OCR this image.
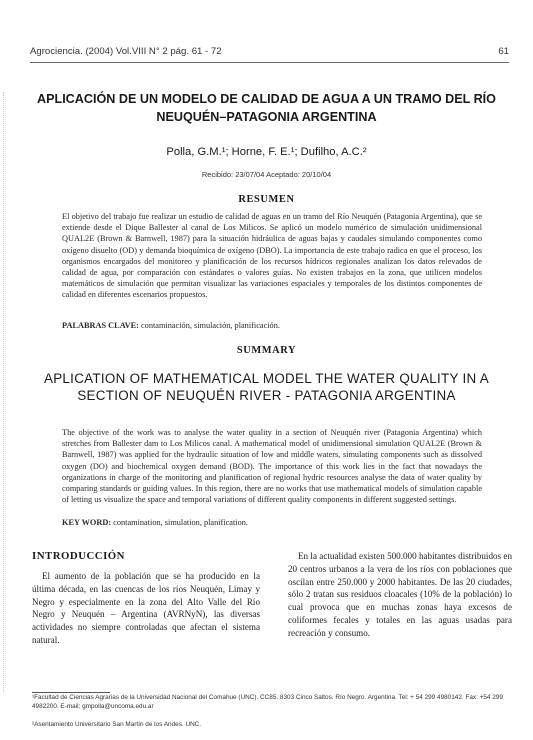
Agrociencia. (2004) Vol.VIII N° 2 pág. 61 - 72	61
APLICACIÓN DE UN MODELO DE CALIDAD DE AGUA A UN TRAMO DEL RÍO NEUQUÉN–PATAGONIA ARGENTINA
Polla, G.M.¹; Horne, F. E.¹; Dufilho, A.C.²
Recibido: 23/07/04 Aceptado: 20/10/04
RESUMEN
El objetivo del trabajo fue realizar un estudio de calidad de aguas en un tramo del Río Neuquén (Patagonia Argentina), que se extiende desde el Dique Ballester al canal de Los Milicos. Se aplicó un modelo numérico de simulación unidimensional QUAL2E (Brown & Barnwell, 1987) para la situación hidráulica de aguas bajas y caudales simulando componentes como oxígeno disuelto (OD) y demanda bioquímica de oxígeno (DBO). La importancia de este trabajo radica en que el proceso, los organismos encargados del monitoreo y planificación de los recursos hídricos regionales analizan los datos relevados de calidad de agua, por comparación con estándares o valores guías. No existen trabajos en la zona, que utilicen modelos matemáticos de simulación que permitan visualizar las variaciones espaciales y temporales de los distintos componentes de calidad en diferentes escenarios propuestos.
PALABRAS CLAVE: contaminación, simulación, planificación.
SUMMARY
APLICATION OF MATHEMATICAL MODEL THE WATER QUALITY IN A SECTION OF NEUQUÉN RIVER - PATAGONIA ARGENTINA
The objective of the work was to analyse the water quality in a section of Neuquén river (Patagonia Argentina) which stretches from Ballester dam to Los Milicos canal. A mathematical model of unidimensional simulation QUAL2E (Brown & Barnwell, 1987) was applied for the hydraulic situation of low and middle waters, simulating components such as dissolved oxygen (DO) and biochemical oxygen demand (BOD). The importance of this work lies in the fact that nowadays the organizations in charge of the monitoring and planification of regional hydric resources analyse the data of water quality by comparing standards or guiding values. In this region, there are no works that use mathematical models of simulation capable of letting us visualize the space and temporal variations of different quality components in different suggested settings.
KEY WORD: contamination, simulation, planification.
INTRODUCCIÓN
El aumento de la población que se ha producido en la última década, en las cuencas de los ríos Neuquén, Limay y Negro y especialmente en la zona del Alto Valle del Río Negro y Neuquén – Argentina (AVRNyN), las diversas actividades no siempre controladas que afectan el sistema natural.
En la actualidad existen 500.000 habitantes distribuidos en 20 centros urbanos a la vera de los ríos con poblaciones que oscilan entre 250.000 y 2000 habitantes. De las 20 ciudades, sólo 2 tratan sus residuos cloacales (10% de la población) lo cual provoca que en muchas zonas haya excesos de coliformes fecales y totales en las aguas usadas para recreación y consumo.
¹Facultad de Ciencias Agrarias de la Universidad Nacional del Comahue (UNC). CC85. 8303 Cinco Saltos. Río Negro. Argentina. Tel: + 54 299 4980142. Fax: +54 299 4982200. E-mail: gmpolla@uncoma.edu.ar
²Asentamiento Universitario San Martín de los Andes. UNC.
